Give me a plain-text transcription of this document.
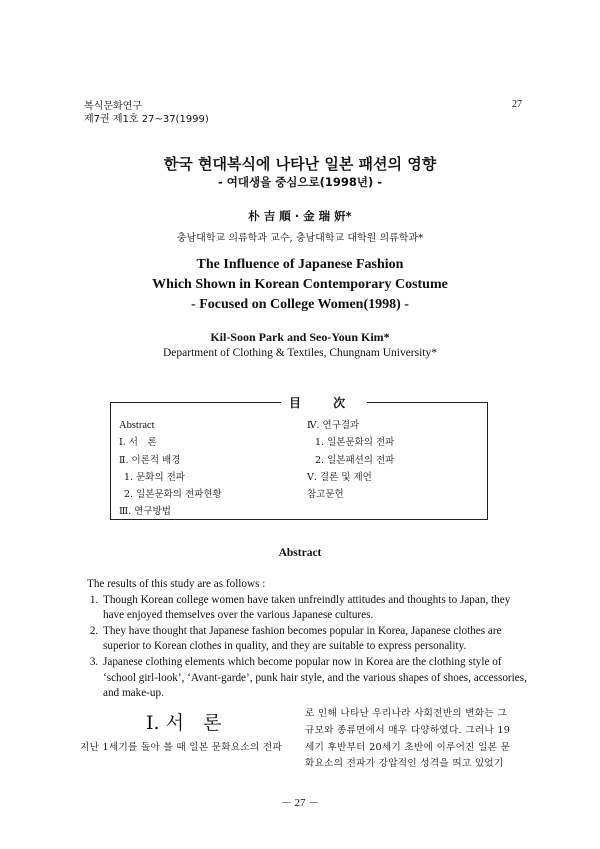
복식문화연구
제7권 제1호 27~37(1999)
27
한국 현대복식에 나타난 일본 패션의 영향
- 여대생을 중심으로(1998년) -
朴 吉 順 · 金 瑞 姸*
충남대학교 의류학과 교수, 충남대학교 대학원 의류학과*
The Influence of Japanese Fashion
Which Shown in Korean Contemporary Costume
- Focused on College Women(1998) -
Kil-Soon Park and Seo-Youn Kim*
Department of Clothing & Textiles, Chungnam University*
目 次
Abstract
Ⅰ. 서　론
Ⅱ. 이론적 배경
1. 문화의 전파
2. 일본문화의 전파현황
Ⅲ. 연구방법
Ⅳ. 연구결과
1. 일본문화의 전파
2. 일본패션의 전파
Ⅴ. 결론 및 제언
참고문헌
Abstract
The results of this study are as follows :
1. Though Korean college women have taken unfreindly attitudes and thoughts to Japan, they have enjoyed themselves over the various Japanese cultures.
2. They have thought that Japanese fashion becomes popular in Korea, Japanese clothes are superior to Korean clothes in quality, and they are suitable to express personality.
3. Japanese clothing elements which become popular now in Korea are the clothing style of ‘school girl-look’, ‘Avant-garde’, punk hair style, and the various shapes of shoes, accessories, and make-up.
Ⅰ. 서　론
지난 1세기를 돌아 볼 때 일본 문화요소의 전파
로 인해 나타난 우리나라 사회전반의 변화는 그
규모와 종류면에서 매우 다양하였다. 그러나 19
세기 후반부터 20세기 초반에 이루어진 일본 문
화요소의 전파가 강압적인 성격을 띄고 있었기
－ 27 －
